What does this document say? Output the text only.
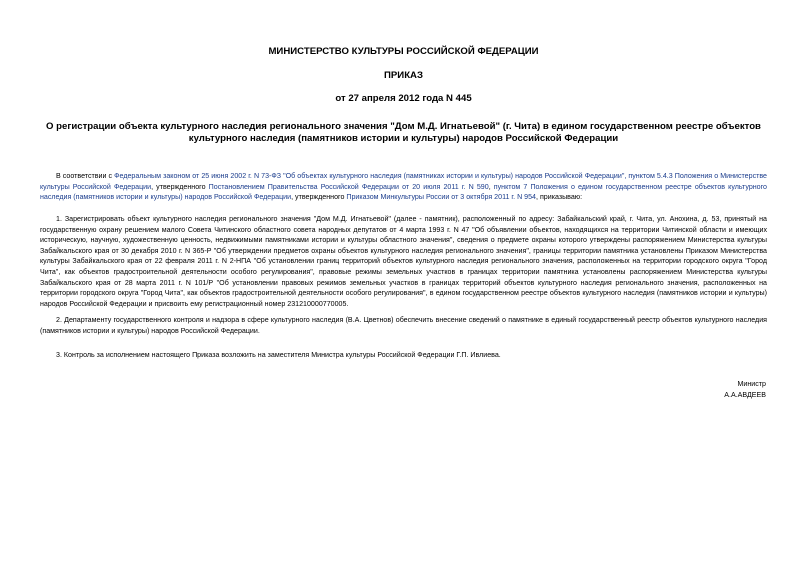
МИНИСТЕРСТВО КУЛЬТУРЫ РОССИЙСКОЙ ФЕДЕРАЦИИ
ПРИКАЗ
от 27 апреля 2012 года N 445
О регистрации объекта культурного наследия регионального значения "Дом М.Д. Игнатьевой" (г. Чита) в едином государственном реестре объектов культурного наследия (памятников истории и культуры) народов Российской Федерации
В соответствии с Федеральным законом от 25 июня 2002 г. N 73-ФЗ "Об объектах культурного наследия (памятниках истории и культуры) народов Российской Федерации", пунктом 5.4.3 Положения о Министерстве культуры Российской Федерации, утвержденного Постановлением Правительства Российской Федерации от 20 июля 2011 г. N 590, пунктом 7 Положения о едином государственном реестре объектов культурного наследия (памятников истории и культуры) народов Российской Федерации, утвержденного Приказом Минкультуры России от 3 октября 2011 г. N 954, приказываю:
1. Зарегистрировать объект культурного наследия регионального значения "Дом М.Д. Игнатьевой" (далее - памятник), расположенный по адресу: Забайкальский край, г. Чита, ул. Анохина, д. 53, принятый на государственную охрану решением малого Совета Читинского областного совета народных депутатов от 4 марта 1993 г. N 47 "Об объявлении объектов, находящихся на территории Читинской области и имеющих историческую, научную, художественную ценность, недвижимыми памятниками истории и культуры областного значения", сведения о предмете охраны которого утверждены распоряжением Министерства культуры Забайкальского края от 30 декабря 2010 г. N 365-Р "Об утверждении предметов охраны объектов культурного наследия регионального значения", границы территории памятника установлены Приказом Министерства культуры Забайкальского края от 22 февраля 2011 г. N 2-НПА "Об установлении границ территорий объектов культурного наследия регионального значения, расположенных на территории городского округа "Город Чита", как объектов градостроительной деятельности особого регулирования", правовые режимы земельных участков в границах территории памятника установлены распоряжением Министерства культуры Забайкальского края от 28 марта 2011 г. N 101/Р "Об установлении правовых режимов земельных участков в границах территорий объектов культурного наследия регионального значения, расположенных на территории городского округа "Город Чита", как объектов градостроительной деятельности особого регулирования", в едином государственном реестре объектов культурного наследия (памятников истории и культуры) народов Российской Федерации и присвоить ему регистрационный номер 231210000770005.
2. Департаменту государственного контроля и надзора в сфере культурного наследия (В.А. Цветнов) обеспечить внесение сведений о памятнике в единый государственный реестр объектов культурного наследия (памятников истории и культуры) народов Российской Федерации.
3. Контроль за исполнением настоящего Приказа возложить на заместителя Министра культуры Российской Федерации Г.П. Ивлиева.
Министр
А.А.АВДЕЕВ
